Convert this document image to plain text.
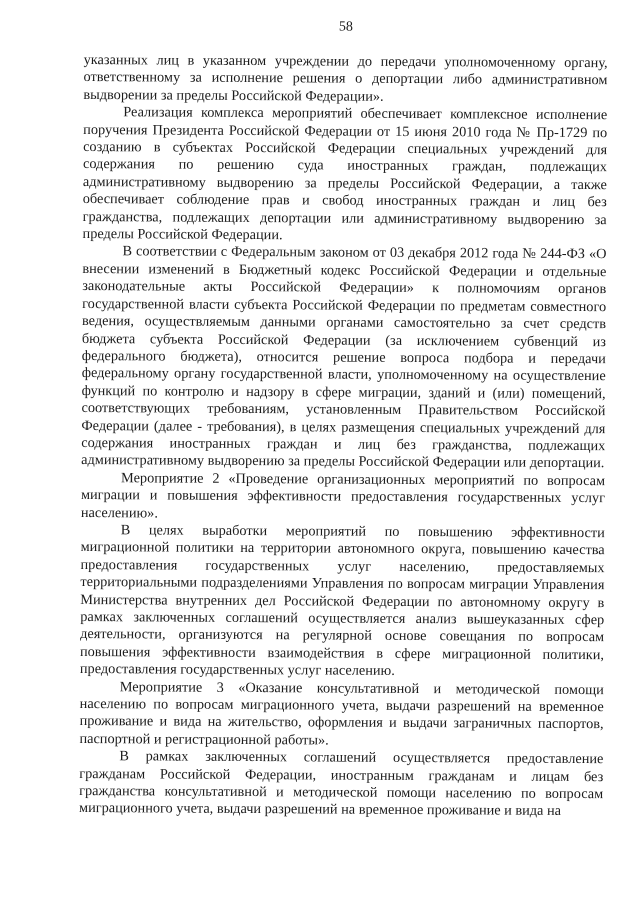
58

указанных лиц в указанном учреждении до передачи уполномоченному органу, ответственному за исполнение решения о депортации либо административном выдворении за пределы Российской Федерации».

Реализация комплекса мероприятий обеспечивает комплексное исполнение поручения Президента Российской Федерации от 15 июня 2010 года № Пр-1729 по созданию в субъектах Российской Федерации специальных учреждений для содержания по решению суда иностранных граждан, подлежащих административному выдворению за пределы Российской Федерации, а также обеспечивает соблюдение прав и свобод иностранных граждан и лиц без гражданства, подлежащих депортации или административному выдворению за пределы Российской Федерации.

В соответствии с Федеральным законом от 03 декабря 2012 года № 244-ФЗ «О внесении изменений в Бюджетный кодекс Российской Федерации и отдельные законодательные акты Российской Федерации» к полномочиям органов государственной власти субъекта Российской Федерации по предметам совместного ведения, осуществляемым данными органами самостоятельно за счет средств бюджета субъекта Российской Федерации (за исключением субвенций из федерального бюджета), относится решение вопроса подбора и передачи федеральному органу государственной власти, уполномоченному на осуществление функций по контролю и надзору в сфере миграции, зданий и (или) помещений, соответствующих требованиям, установленным Правительством Российской Федерации (далее - требования), в целях размещения специальных учреждений для содержания иностранных граждан и лиц без гражданства, подлежащих административному выдворению за пределы Российской Федерации или депортации.

Мероприятие 2 «Проведение организационных мероприятий по вопросам миграции и повышения эффективности предоставления государственных услуг населению».

В целях выработки мероприятий по повышению эффективности миграционной политики на территории автономного округа, повышению качества предоставления государственных услуг населению, предоставляемых территориальными подразделениями Управления по вопросам миграции Управления Министерства внутренних дел Российской Федерации по автономному округу в рамках заключенных соглашений осуществляется анализ вышеуказанных сфер деятельности, организуются на регулярной основе совещания по вопросам повышения эффективности взаимодействия в сфере миграционной политики, предоставления государственных услуг населению.

Мероприятие 3 «Оказание консультативной и методической помощи населению по вопросам миграционного учета, выдачи разрешений на временное проживание и вида на жительство, оформления и выдачи заграничных паспортов, паспортной и регистрационной работы».

В рамках заключенных соглашений осуществляется предоставление гражданам Российской Федерации, иностранным гражданам и лицам без гражданства консультативной и методической помощи населению по вопросам миграционного учета, выдачи разрешений на временное проживание и вида на
